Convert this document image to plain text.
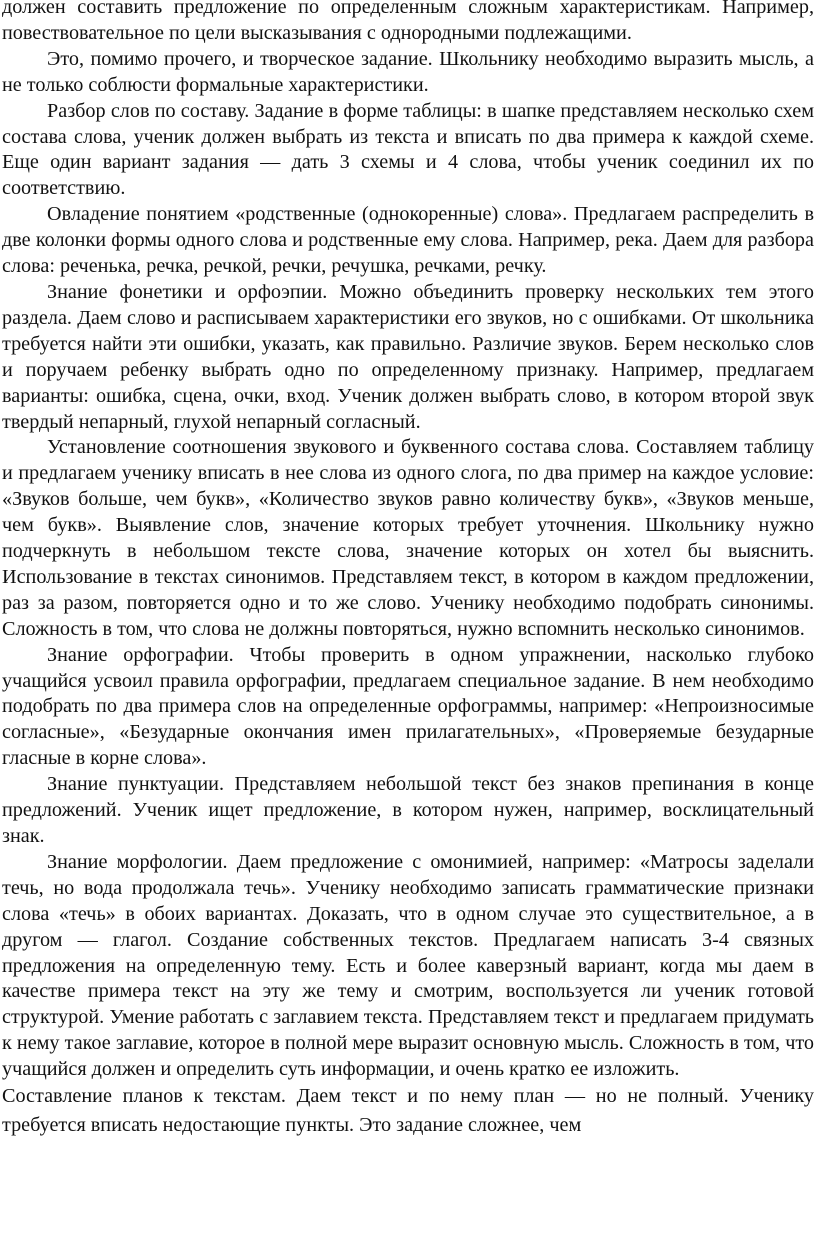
должен составить предложение по определенным сложным характеристикам. Например, повествовательное по цели высказывания с однородными подлежащими.

Это, помимо прочего, и творческое задание. Школьнику необходимо выразить мысль, а не только соблюсти формальные характеристики.

Разбор слов по составу. Задание в форме таблицы: в шапке представляем несколько схем состава слова, ученик должен выбрать из текста и вписать по два примера к каждой схеме. Еще один вариант задания — дать 3 схемы и 4 слова, чтобы ученик соединил их по соответствию.

Овладение понятием «родственные (однокоренные) слова». Предлагаем распределить в две колонки формы одного слова и родственные ему слова. Например, река. Даем для разбора слова: реченька, речка, речкой, речки, речушка, речками, речку.

Знание фонетики и орфоэпии. Можно объединить проверку нескольких тем этого раздела. Даем слово и расписываем характеристики его звуков, но с ошибками. От школьника требуется найти эти ошибки, указать, как правильно. Различие звуков. Берем несколько слов и поручаем ребенку выбрать одно по определенному признаку. Например, предлагаем варианты: ошибка, сцена, очки, вход. Ученик должен выбрать слово, в котором второй звук твердый непарный, глухой непарный согласный.

Установление соотношения звукового и буквенного состава слова. Составляем таблицу и предлагаем ученику вписать в нее слова из одного слога, по два пример на каждое условие: «Звуков больше, чем букв», «Количество звуков равно количеству букв», «Звуков меньше, чем букв». Выявление слов, значение которых требует уточнения. Школьнику нужно подчеркнуть в небольшом тексте слова, значение которых он хотел бы выяснить. Использование в текстах синонимов. Представляем текст, в котором в каждом предложении, раз за разом, повторяется одно и то же слово. Ученику необходимо подобрать синонимы. Сложность в том, что слова не должны повторяться, нужно вспомнить несколько синонимов.

Знание орфографии. Чтобы проверить в одном упражнении, насколько глубоко учащийся усвоил правила орфографии, предлагаем специальное задание. В нем необходимо подобрать по два примера слов на определенные орфограммы, например: «Непроизносимые согласные», «Безударные окончания имен прилагательных», «Проверяемые безударные гласные в корне слова».

Знание пунктуации. Представляем небольшой текст без знаков препинания в конце предложений. Ученик ищет предложение, в котором нужен, например, восклицательный знак.

Знание морфологии. Даем предложение с омонимией, например: «Матросы заделали течь, но вода продолжала течь». Ученику необходимо записать грамматические признаки слова «течь» в обоих вариантах. Доказать, что в одном случае это существительное, а в другом — глагол. Создание собственных текстов. Предлагаем написать 3-4 связных предложения на определенную тему. Есть и более каверзный вариант, когда мы даем в качестве примера текст на эту же тему и смотрим, воспользуется ли ученик готовой структурой. Умение работать с заглавием текста. Представляем текст и предлагаем придумать к нему такое заглавие, которое в полной мере выразит основную мысль. Сложность в том, что учащийся должен и определить суть информации, и очень кратко ее изложить.

Составление планов к текстам. Даем текст и по нему план — но не полный. Ученику требуется вписать недостающие пункты. Это задание сложнее, чем
